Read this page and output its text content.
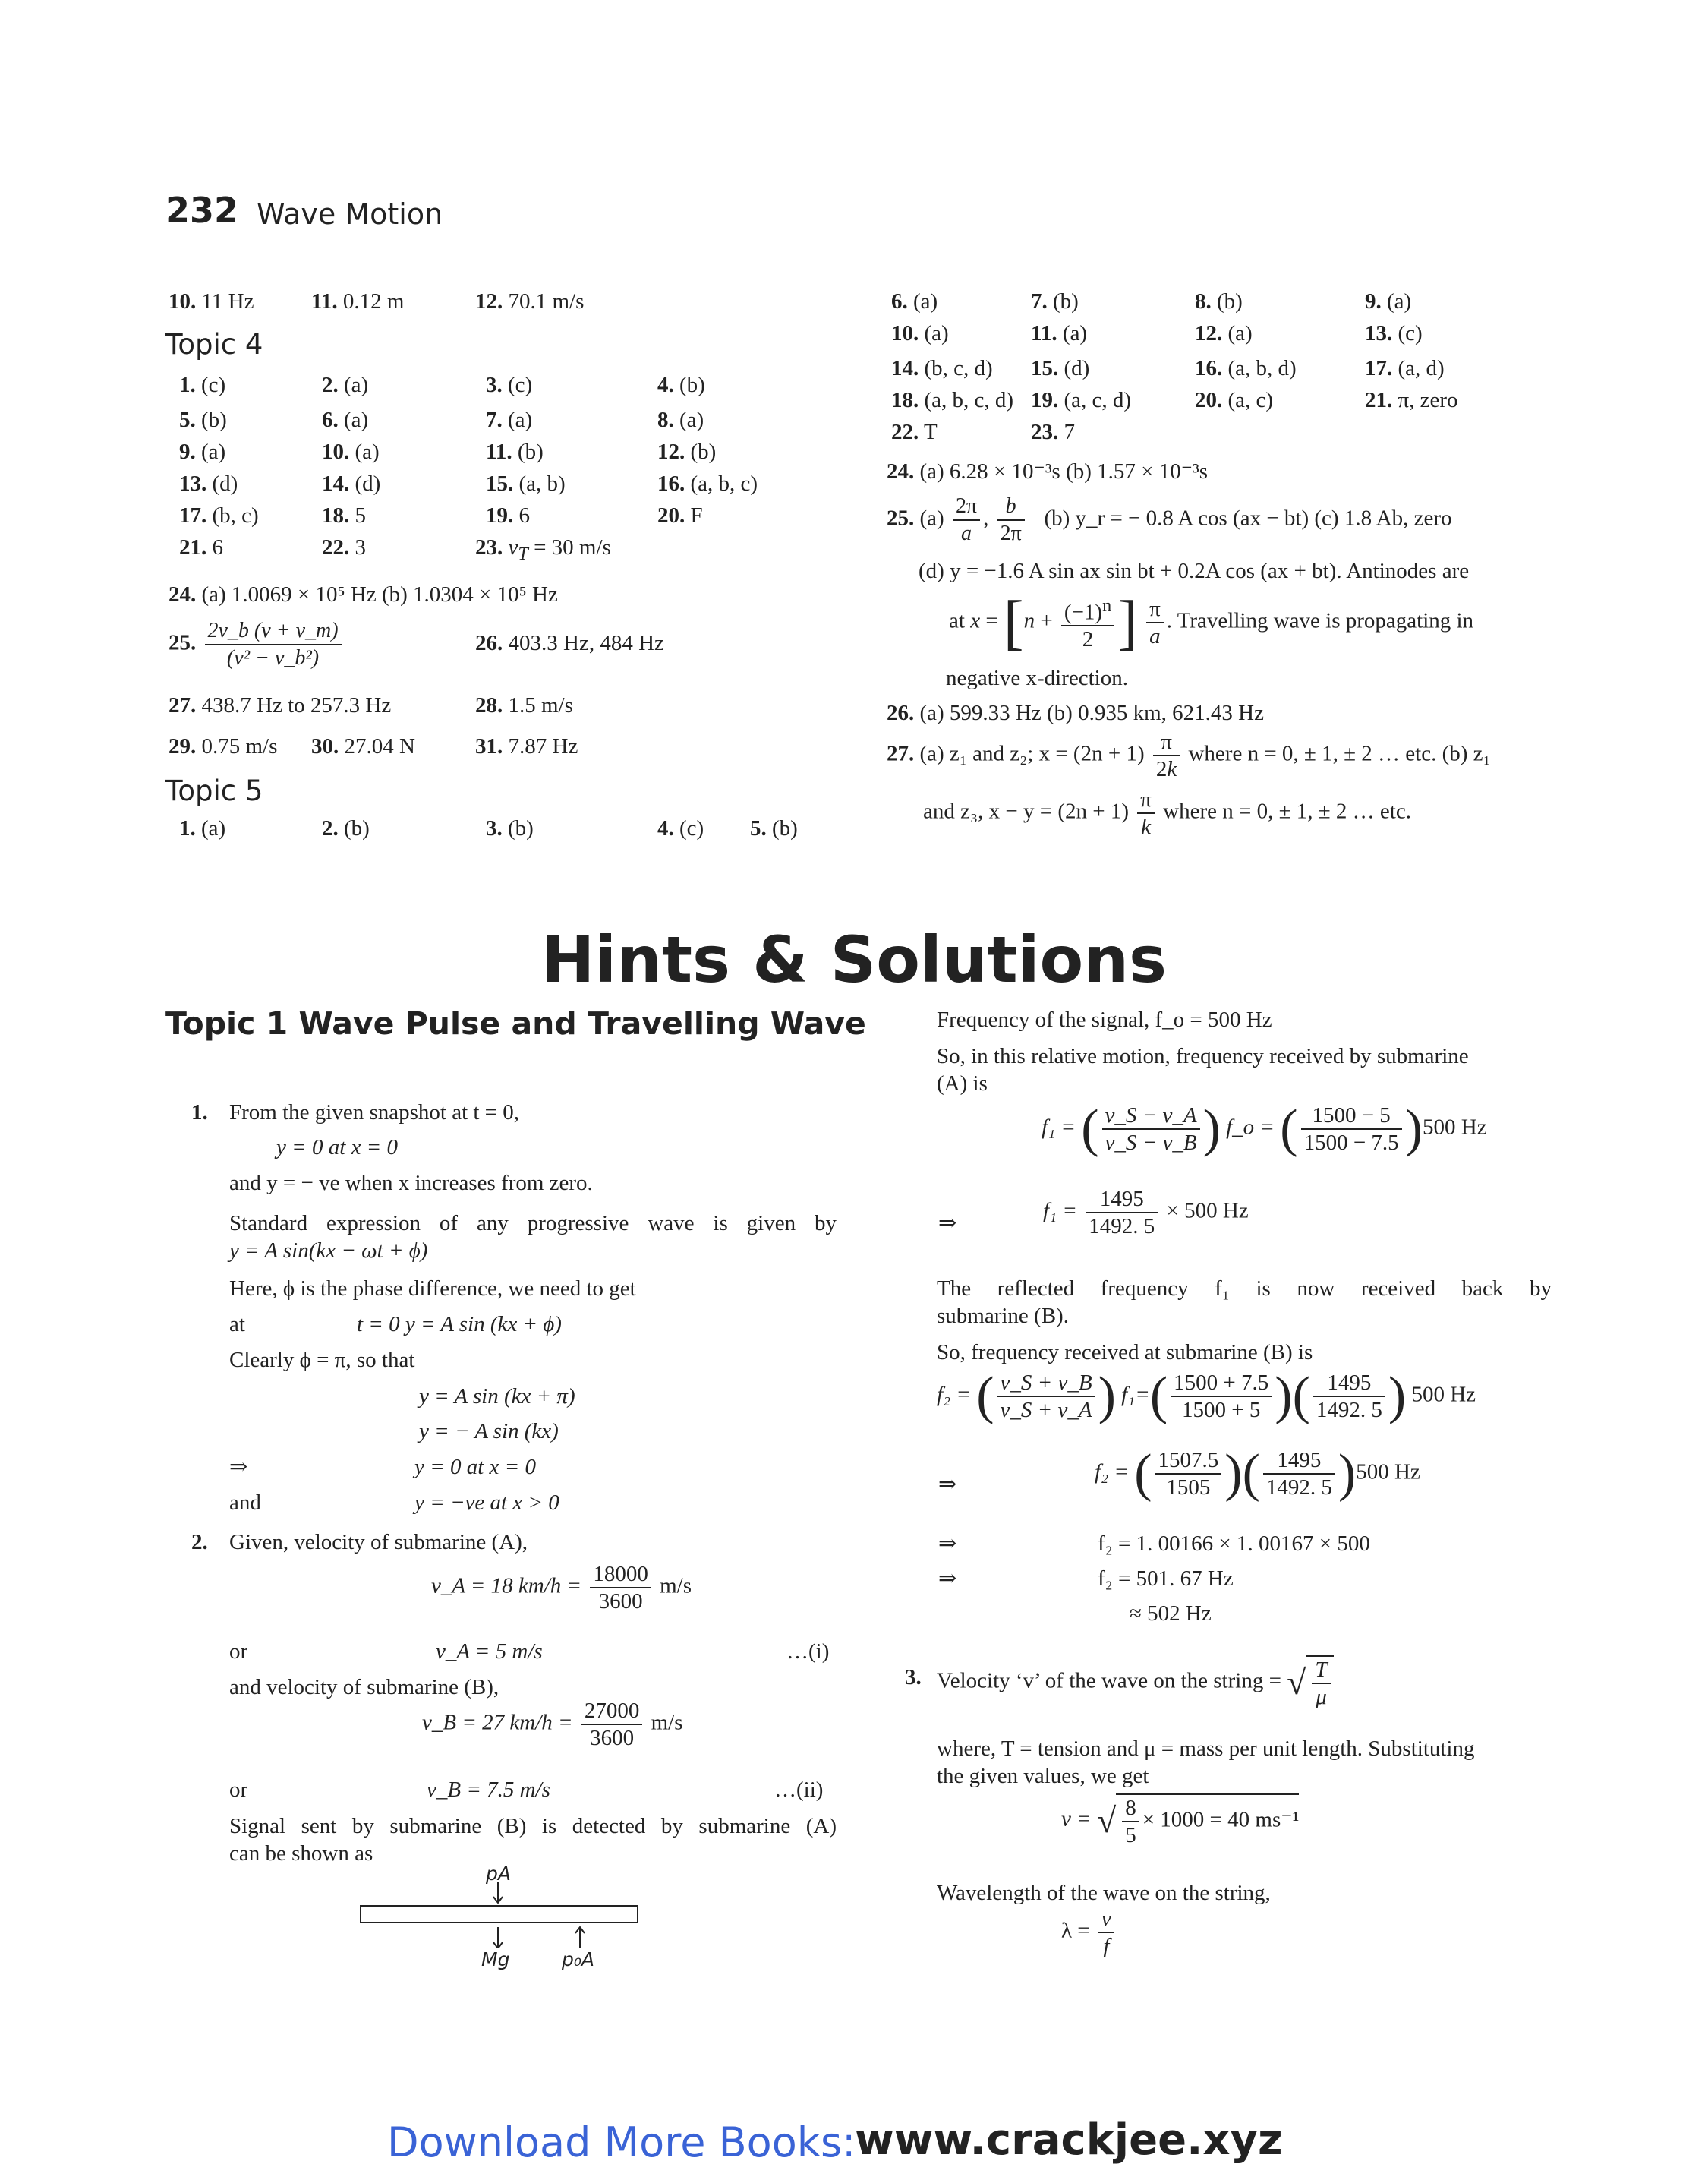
232 Wave Motion
10. 11 Hz	11. 0.12 m	12. 70.1 m/s
Topic 4
1. (c)	2. (a)	3. (c)	4. (b)
5. (b)	6. (a)	7. (a)	8. (a)
9. (a)	10. (a)	11. (b)	12. (b)
13. (d)	14. (d)	15. (a, b)	16. (a, b, c)
17. (b, c)	18. 5	19. 6	20. F
21. 6	22. 3	23. $v_T = 30$ m/s
24. (a) 1.0069 × 10⁵ Hz (b) 1.0304 × 10⁵ Hz
25. $\frac{2v\_b (v + v\_m)}{\text{(v² − v\_b²)}}$	26. 403.3 Hz, 484 Hz
27. 438.7 Hz to 257.3 Hz	28. 1.5 m/s
29. 0.75 m/s 30. 27.04 N	31. 7.87 Hz
Topic 5
1. (a)	2. (b)	3. (b)	4. (c) 5. (b)
6. (a)	7. (b)	8. (b)	9. (a)
10. (a)	11. (a)	12. (a)	13. (c)
14. (b, c, d) 15. (d)	16. (a, b, d)	17. (a, d)
18. (a, b, c, d) 19. (a, c, d)	20. (a, c)	21. π, zero
22. T	23. 7
24. (a) 6.28 × 10⁻³s (b) 1.57 × 10⁻³s
25. $(a) \frac{2\pi}{a}$ , $\frac{b}{2\pi} (b)$ y_r = − 0.8 A cos (ax − bt) (c) 1.8 Ab, zero
(d) y = −1.6 A sin ax sin bt + 0.2A cos (ax + bt). Antinodes are
at $x = [n + \frac{(-1)^n}{2}$ ] $\frac{\pi}{a}$ . Travelling wave is propagating in
negative x-direction.
26. (a) 599.33 Hz (b) 0.935 km, 621.43 Hz
27. (a) z₁ and z₂; $x = (2n + 1) \frac{\pi}{2k}$ where n = 0, ± 1, ± 2 … etc. (b) z₁
and z₃, $x - y = (2n + 1) \frac{\pi}{k}$ where n = 0, ± 1, ± 2 … etc.
Hints & Solutions
Topic 1 Wave Pulse and Travelling Wave
1. From the given snapshot at t = 0,
y = 0 at x = 0
and y = − ve when x increases from zero.
Standard expression of any progressive wave is given by
y = A sin(kx − ωt + ϕ)
Here, ϕ is the phase difference, we need to get
at	t = 0 y = A sin (kx + ϕ)
Clearly ϕ = π, so that
y = A sin (kx + π)
y = − A sin (kx)
⇒	y = 0 at x = 0
and	y = −ve at x > 0
2. Given, velocity of submarine (A),
v_A = 18 $km/h = \frac{18000}{3600} m/s$
or	v_A = 5 m/s	…(i)
and velocity of submarine (B),
v_B = 27 $km/h = \frac{27000}{3600} m/s$
or	v_B = 7.5 m/s	…(ii)
Signal sent by submarine (B) is detected by submarine (A)
can be shown as
pA
Mg	p₀A
Frequency of the signal, f_o = 500 Hz
So, in this relative motion, frequency received by submarine
(A) is
f₁ = ( $\frac{v\_S - v\_A}{v\_S - v\_B}$ ) f_o = ( $\frac{1500 - 5}{1500 - 7.5} )500$ Hz
⇒
$f_1 = \frac{1495}{1492. 5} \times 500$ Hz
The reflected frequency f₁ is now received back by
submarine (B).
So, frequency received at submarine (B) is
f₂ = ( $\frac{v\_S + v\_B}{v\_S + v\_A}$ ) $f_1=( \frac{1500 + 7.5}{1500 + 5}$ )( $\frac{1495}{1492. 5}$ ) 500 Hz
⇒
f₂ = ( $\frac{1507.5}{1505}$ )( $\frac{1495}{1492. 5} )500$ Hz
⇒	f₂ = 1. 00166 × 1. 00167 × 500
⇒	f₂ = 501. 67 Hz
≈ 502 Hz
3. Velocity ‘v’ of the wave on the string = √ $\frac{T}{\mu}$
where, T = tension and μ = mass per unit length. Substituting
the given values, we get
v = √ $\frac{8}{5} \times 1000 = 40$ ms⁻¹
Wavelength of the wave on the string,
$\lambda = \frac{v}{f}$
Download More Books:
www.crackjee.xyz
